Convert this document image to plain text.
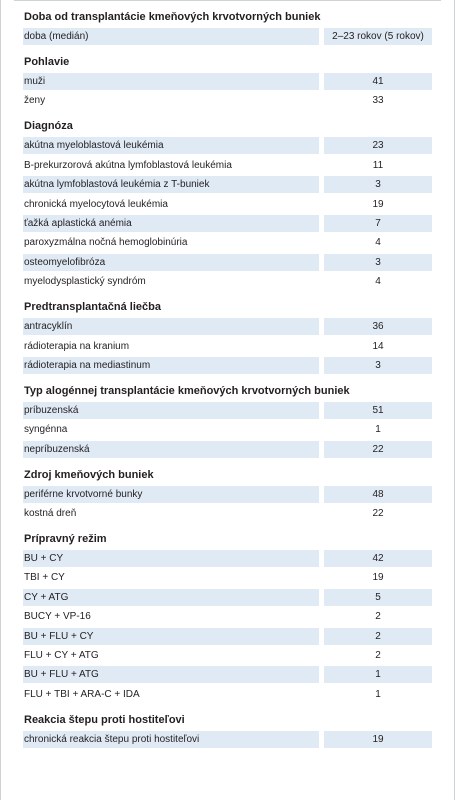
Doba od transplantácie kmeňových krvotvorných buniek
doba (medián)	2–23 rokov (5 rokov)
Pohlavie
muži	41
ženy	33
Diagnóza
akútna myeloblastová leukémia	23
B-prekurzorová akútna lymfoblastová leukémia	11
akútna lymfoblastová leukémia z T-buniek	3
chronická myelocytová leukémia	19
ťažká aplastická anémia	7
paroxyzmálna nočná hemoglobinúria	4
osteomyelofibróza	3
myelodysplastický syndróm	4
Predtransplantačná liečba
antracyklín	36
rádioterapia na kranium	14
rádioterapia na mediastinum	3
Typ alogénnej transplantácie kmeňových krvotvorných buniek
príbuzenská	51
syngénna	1
nepríbuzenská	22
Zdroj kmeňových buniek
periférne krvotvorné bunky	48
kostná dreň	22
Prípravný režim
BU + CY	42
TBI + CY	19
CY + ATG	5
BUCY + VP-16	2
BU + FLU + CY	2
FLU + CY + ATG	2
BU + FLU + ATG	1
FLU + TBI + ARA-C + IDA	1
Reakcia štepu proti hostiteľovi
chronická reakcia štepu proti hostiteľovi	19
